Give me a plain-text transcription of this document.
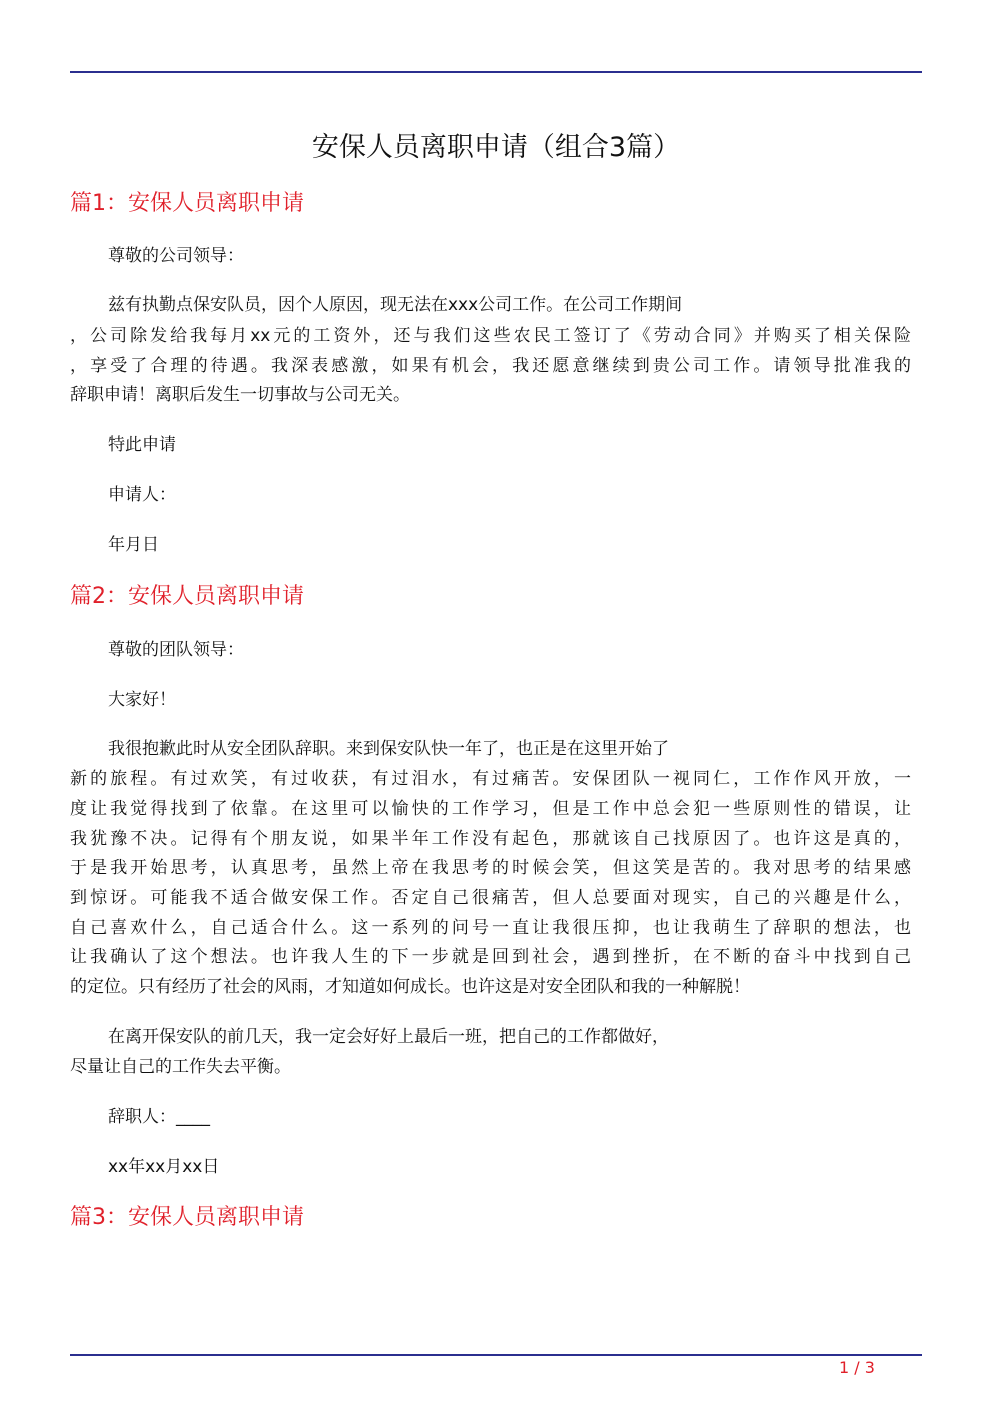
安保人员离职申请（组合3篇）
篇1：安保人员离职申请

尊敬的公司领导：

兹有执勤点保安队员，因个人原因，现无法在xxx公司工作。在公司工作期间

，公司除发给我每月xx元的工资外，还与我们这些农民工签订了《劳动合同》并购买了相关保险

，享受了合理的待遇。我深表感激，如果有机会，我还愿意继续到贵公司工作。请领导批准我的

辞职申请！离职后发生一切事故与公司无关。

特此申请

申请人：

年月日

篇2：安保人员离职申请

尊敬的团队领导：

大家好！

我很抱歉此时从安全团队辞职。来到保安队快一年了，也正是在这里开始了

新的旅程。有过欢笑，有过收获，有过泪水，有过痛苦。安保团队一视同仁，工作作风开放，一

度让我觉得找到了依靠。在这里可以愉快的工作学习，但是工作中总会犯一些原则性的错误，让

我犹豫不决。记得有个朋友说，如果半年工作没有起色，那就该自己找原因了。也许这是真的，

于是我开始思考，认真思考，虽然上帝在我思考的时候会笑，但这笑是苦的。我对思考的结果感

到惊讶。可能我不适合做安保工作。否定自己很痛苦，但人总要面对现实，自己的兴趣是什么，

自己喜欢什么，自己适合什么。这一系列的问号一直让我很压抑，也让我萌生了辞职的想法，也

让我确认了这个想法。也许我人生的下一步就是回到社会，遇到挫折，在不断的奋斗中找到自己

的定位。只有经历了社会的风雨，才知道如何成长。也许这是对安全团队和我的一种解脱！

在离开保安队的前几天，我一定会好好上最后一班，把自己的工作都做好，

尽量让自己的工作失去平衡。

辞职人：____

xx年xx月xx日

篇3：安保人员离职申请
1 / 3
